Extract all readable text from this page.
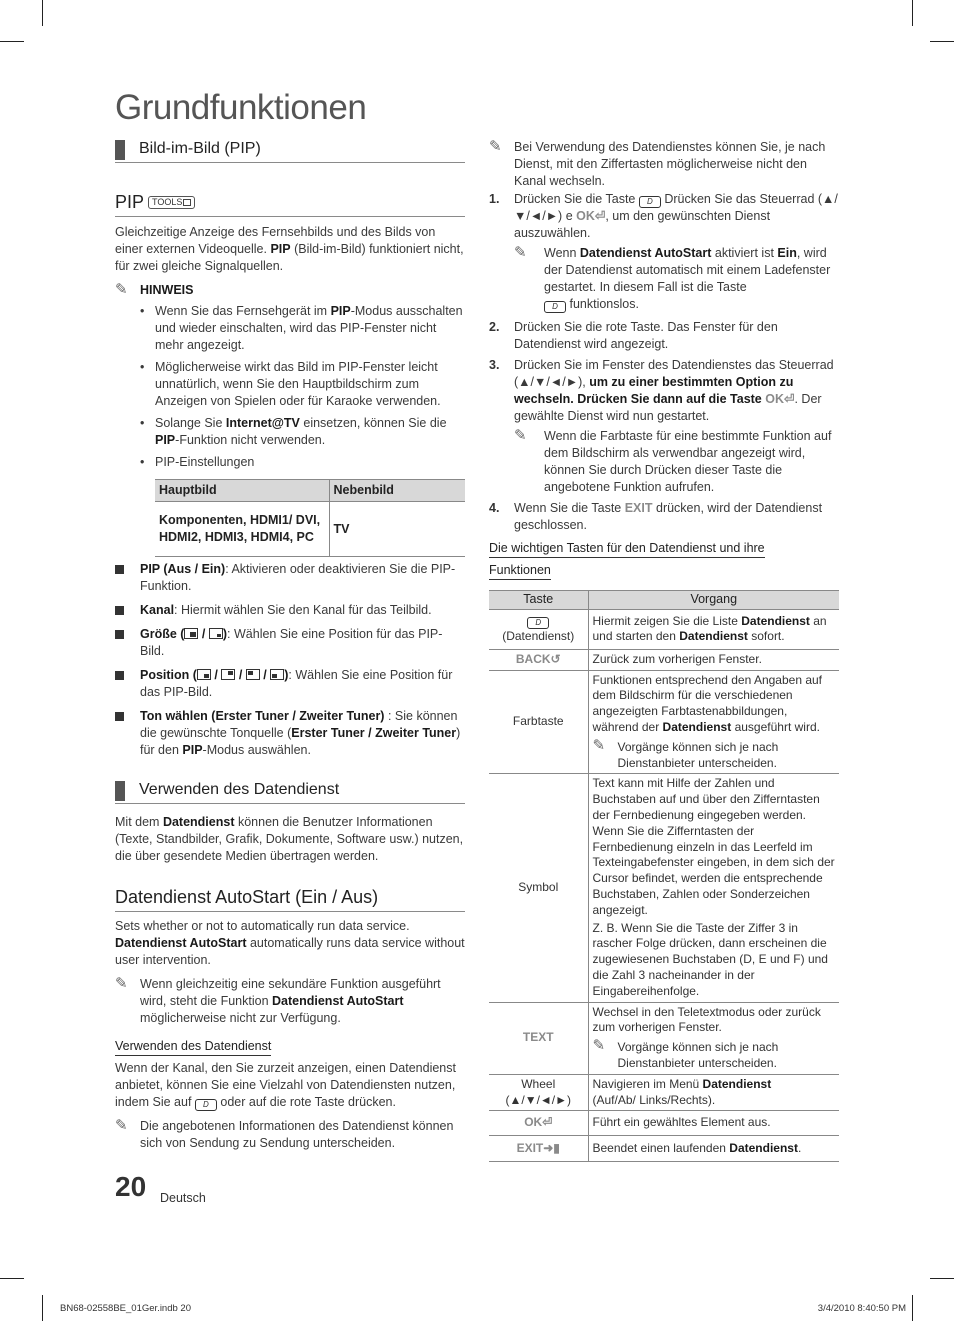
Grundfunktionen
Bild-im-Bild (PIP)
PIP TOOLS
Gleichzeitige Anzeige des Fernsehbilds und des Bilds von einer externen Videoquelle. PIP (Bild-im-Bild) funktioniert nicht, für zwei gleiche Signalquellen.
✎ HINWEIS
• Wenn Sie das Fernsehgerät im PIP-Modus ausschalten und wieder einschalten, wird das PIP-Fenster nicht mehr angezeigt.
• Möglicherweise wirkt das Bild im PIP-Fenster leicht unnatürlich, wenn Sie den Hauptbildschirm zum Anzeigen von Spielen oder für Karaoke verwenden.
• Solange Sie Internet@TV einsetzen, können Sie die PIP-Funktion nicht verwenden.
• PIP-Einstellungen
Hauptbild	Nebenbild
Komponenten, HDMI1/ DVI, HDMI2, HDMI3, HDMI4, PC	TV
PIP (Aus / Ein): Aktivieren oder deaktivieren Sie die PIP-Funktion.
Kanal: Hiermit wählen Sie den Kanal für das Teilbild.
Größe (
/
): Wählen Sie eine Position für das PIP-Bild.
Position (
/
/
/
): Wählen Sie eine Position für das PIP-Bild.
Ton wählen (Erster Tuner / Zweiter Tuner) : Sie können die gewünschte Tonquelle (Erster Tuner / Zweiter Tuner) für den PIP-Modus auswählen.
Verwenden des Datendienst
Mit dem Datendienst können die Benutzer Informationen (Texte, Standbilder, Grafik, Dokumente, Software usw.) nutzen, die über gesendete Medien übertragen werden.
Datendienst AutoStart (Ein / Aus)
Sets whether or not to automatically run data service. Datendienst AutoStart automatically runs data service without user intervention.
✎ Wenn gleichzeitig eine sekundäre Funktion ausgeführt wird, steht die Funktion Datendienst AutoStart möglicherweise nicht zur Verfügung.
Verwenden des Datendienst
Wenn der Kanal, den Sie zurzeit anzeigen, einen Datendienst anbietet, können Sie eine Vielzahl von Datendiensten nutzen, indem Sie auf D oder auf die rote Taste drücken.
✎ Die angebotenen Informationen des Datendienst können sich von Sendung zu Sendung unterscheiden.
✎ Bei Verwendung des Datendienstes können Sie, je nach Dienst, mit den Ziffertasten möglicherweise nicht den Kanal wechseln.
1. Drücken Sie die Taste D Drücken Sie das Steuerrad (▲/▼/◄/►) e OK⏎, um den gewünschten Dienst auszuwählen.
✎ Wenn Datendienst AutoStart aktiviert ist Ein, wird der Datendienst automatisch mit einem Ladefenster gestartet. In diesem Fall ist die Taste
D funktionslos.
2. Drücken Sie die rote Taste. Das Fenster für den Datendienst wird angezeigt.
3. Drücken Sie im Fenster des Datendienstes das Steuerrad (▲/▼/◄/►), um zu einer bestimmten Option zu wechseln. Drücken Sie dann auf die Taste OK⏎. Der gewählte Dienst wird nun gestartet.
✎ Wenn die Farbtaste für eine bestimmte Funktion auf dem Bildschirm als verwendbar angezeigt wird, können Sie durch Drücken dieser Taste die angebotene Funktion aufrufen.
4. Wenn Sie die Taste EXIT drücken, wird der Datendienst geschlossen.
Die wichtigen Tasten für den Datendienst und ihre
Funktionen
Taste	Vorgang
D
(Datendienst)	Hiermit zeigen Sie die Liste Datendienst an und starten den Datendienst sofort.
BACK↺	Zurück zum vorherigen Fenster.
Farbtaste	Funktionen entsprechend den Angaben auf dem Bildschirm für die verschiedenen angezeigten Farbtastenabbildungen, während der Datendienst ausgeführt wird.
✎ Vorgänge können sich je nach Dienstanbieter unterscheiden.

Symbol	Text kann mit Hilfe der Zahlen und Buchstaben auf und über den Zifferntasten der Fernbedienung eingegeben werden. Wenn Sie die Zifferntasten der Fernbedienung einzeln in das Leerfeld im Texteingabefenster eingeben, in dem sich der Cursor befindet, werden die entsprechende Buchstaben, Zahlen oder Sonderzeichen angezeigt.
Z. B. Wenn Sie die Taste der Ziffer 3 in rascher Folge drücken, dann erscheinen die zugewiesenen Buchstaben (D, E und F) und die Zahl 3 nacheinander in der Eingabereihenfolge.

TEXT	Wechsel in den Teletextmodus oder zurück zum vorherigen Fenster.
✎ Vorgänge können sich je nach Dienstanbieter unterscheiden.

Wheel
(▲/▼/◄/►)	Navigieren im Menü Datendienst
(Auf/Ab/ Links/Rechts).
OK⏎	Führt ein gewähltes Element aus.
EXIT➜▮	Beendet einen laufenden Datendienst.
20 Deutsch
BN68-02558BE_01Ger.indb 20	3/4/2010 8:40:50 PM
